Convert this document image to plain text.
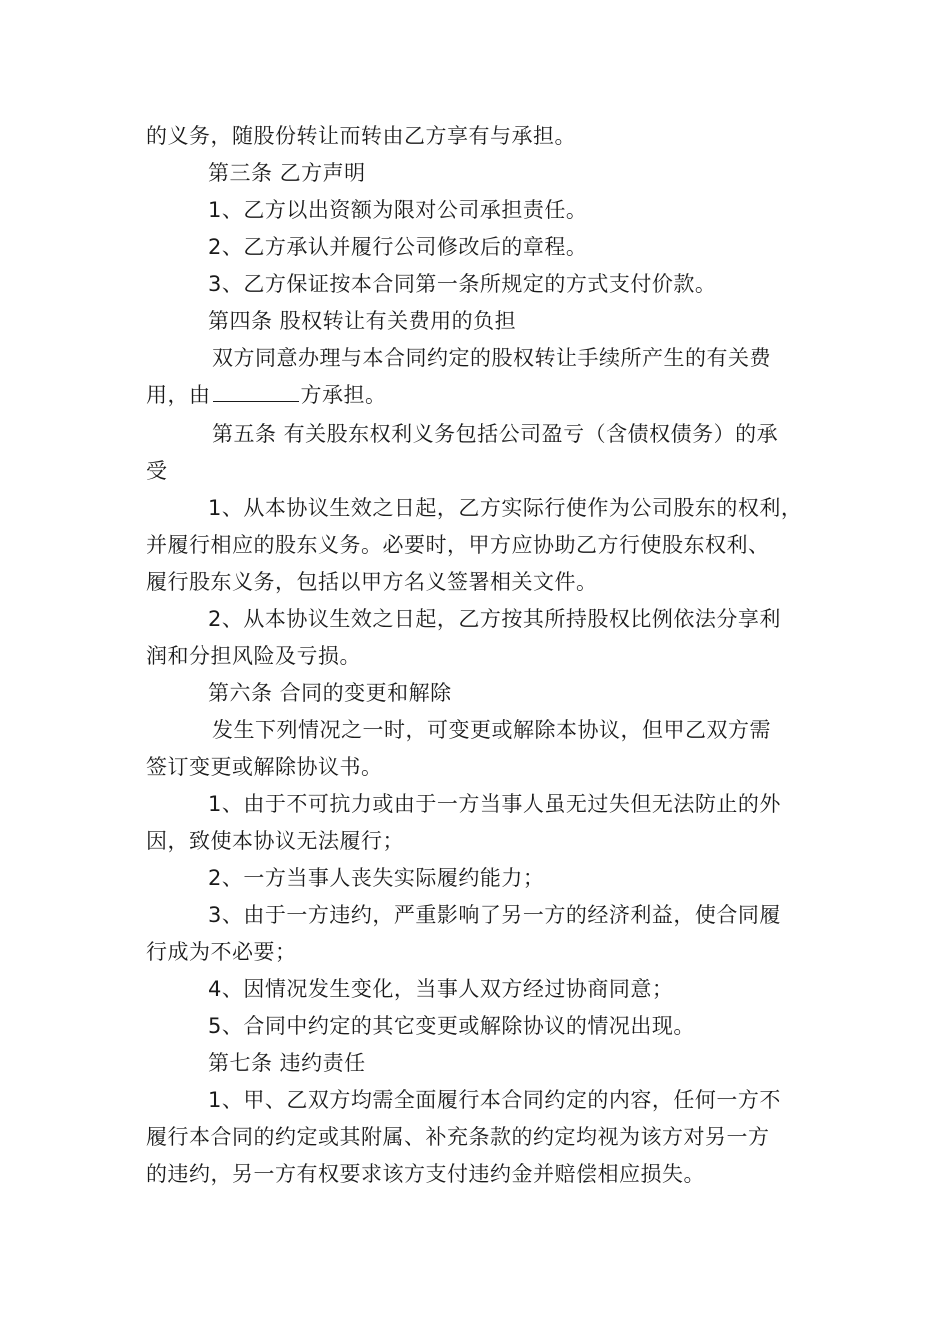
的义务，随股份转让而转由乙方享有与承担。
第三条 乙方声明
1、乙方以出资额为限对公司承担责任。
2、乙方承认并履行公司修改后的章程。
3、乙方保证按本合同第一条所规定的方式支付价款。
第四条 股权转让有关费用的负担
双方同意办理与本合同约定的股权转让手续所产生的有关费
用，由	方承担。
第五条 有关股东权利义务包括公司盈亏（含债权债务）的承
受
1、从本协议生效之日起，乙方实际行使作为公司股东的权利，
并履行相应的股东义务。必要时，甲方应协助乙方行使股东权利、
履行股东义务，包括以甲方名义签署相关文件。
2、从本协议生效之日起，乙方按其所持股权比例依法分享利
润和分担风险及亏损。
第六条 合同的变更和解除
发生下列情况之一时，可变更或解除本协议，但甲乙双方需
签订变更或解除协议书。
1、由于不可抗力或由于一方当事人虽无过失但无法防止的外
因，致使本协议无法履行；
2、一方当事人丧失实际履约能力；
3、由于一方违约，严重影响了另一方的经济利益，使合同履
行成为不必要；
4、因情况发生变化，当事人双方经过协商同意；
5、合同中约定的其它变更或解除协议的情况出现。
第七条 违约责任
1、甲、乙双方均需全面履行本合同约定的内容，任何一方不
履行本合同的约定或其附属、补充条款的约定均视为该方对另一方
的违约，另一方有权要求该方支付违约金并赔偿相应损失。
